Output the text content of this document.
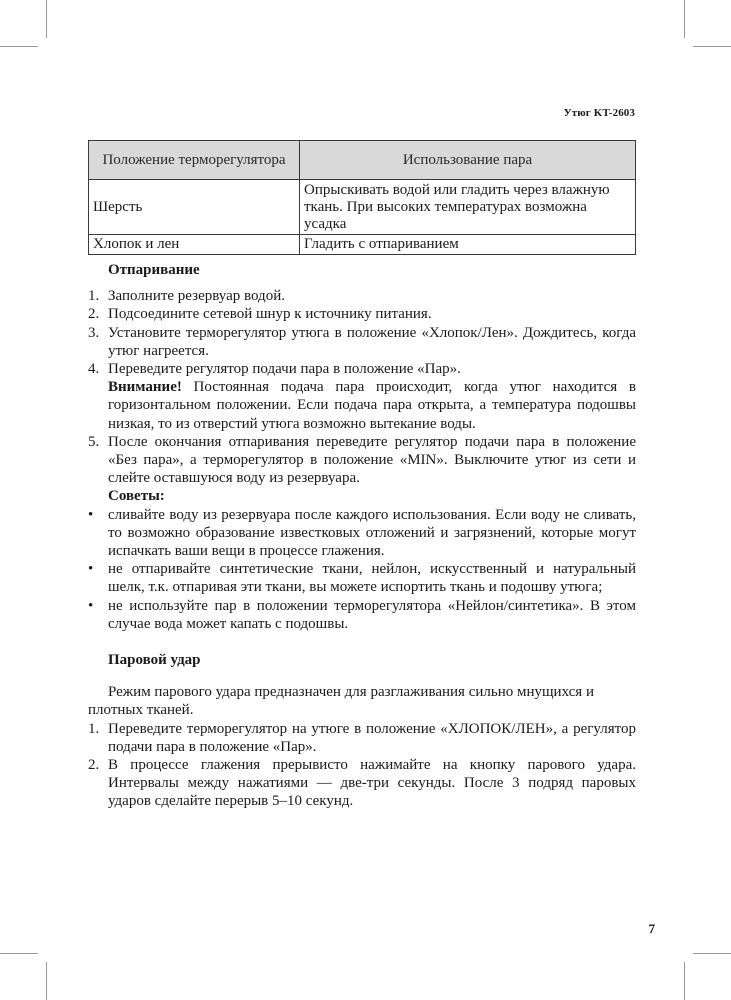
Утюг KT-2603
Положение терморегулятора	Использование пара
Шерсть	Опрыскивать водой или гладить через влажную ткань. При высоких температурах возможна усадка
Хлопок и лен	Гладить с отпариванием
Отпаривание
1. Заполните резервуар водой.
2. Подсоедините сетевой шнур к источнику питания.
3. Установите терморегулятор утюга в положение «Хлопок/Лен». Дождитесь, когда утюг нагреется.
4. Переведите регулятор подачи пара в положение «Пар».
Внимание! Постоянная подача пара происходит, когда утюг находится в горизонтальном положении. Если подача пара открыта, а температура подошвы низкая, то из отверстий утюга возможно вытекание воды.
5. После окончания отпаривания переведите регулятор подачи пара в положение «Без пара», а терморегулятор в положение «MIN». Выключите утюг из сети и слейте оставшуюся воду из резервуара.
Советы:
• сливайте воду из резервуара после каждого использования. Если воду не сливать, то возможно образование известковых отложений и загрязнений, которые могут испачкать ваши вещи в процессе глажения.
• не отпаривайте синтетические ткани, нейлон, искусственный и натуральный шелк, т.к. отпаривая эти ткани, вы можете испортить ткань и подошву утюга;
• не используйте пар в положении терморегулятора «Нейлон/синтетика». В этом случае вода может капать с подошвы.
Паровой удар
Режим парового удара предназначен для разглаживания сильно мнущихся и плотных тканей.
1. Переведите терморегулятор на утюге в положение «ХЛОПОК/ЛЕН», а регулятор подачи пара в положение «Пар».
2. В процессе глажения прерывисто нажимайте на кнопку парового удара. Интервалы между нажатиями — две-три секунды. После 3 подряд паровых ударов сделайте перерыв 5–10 секунд.
7
